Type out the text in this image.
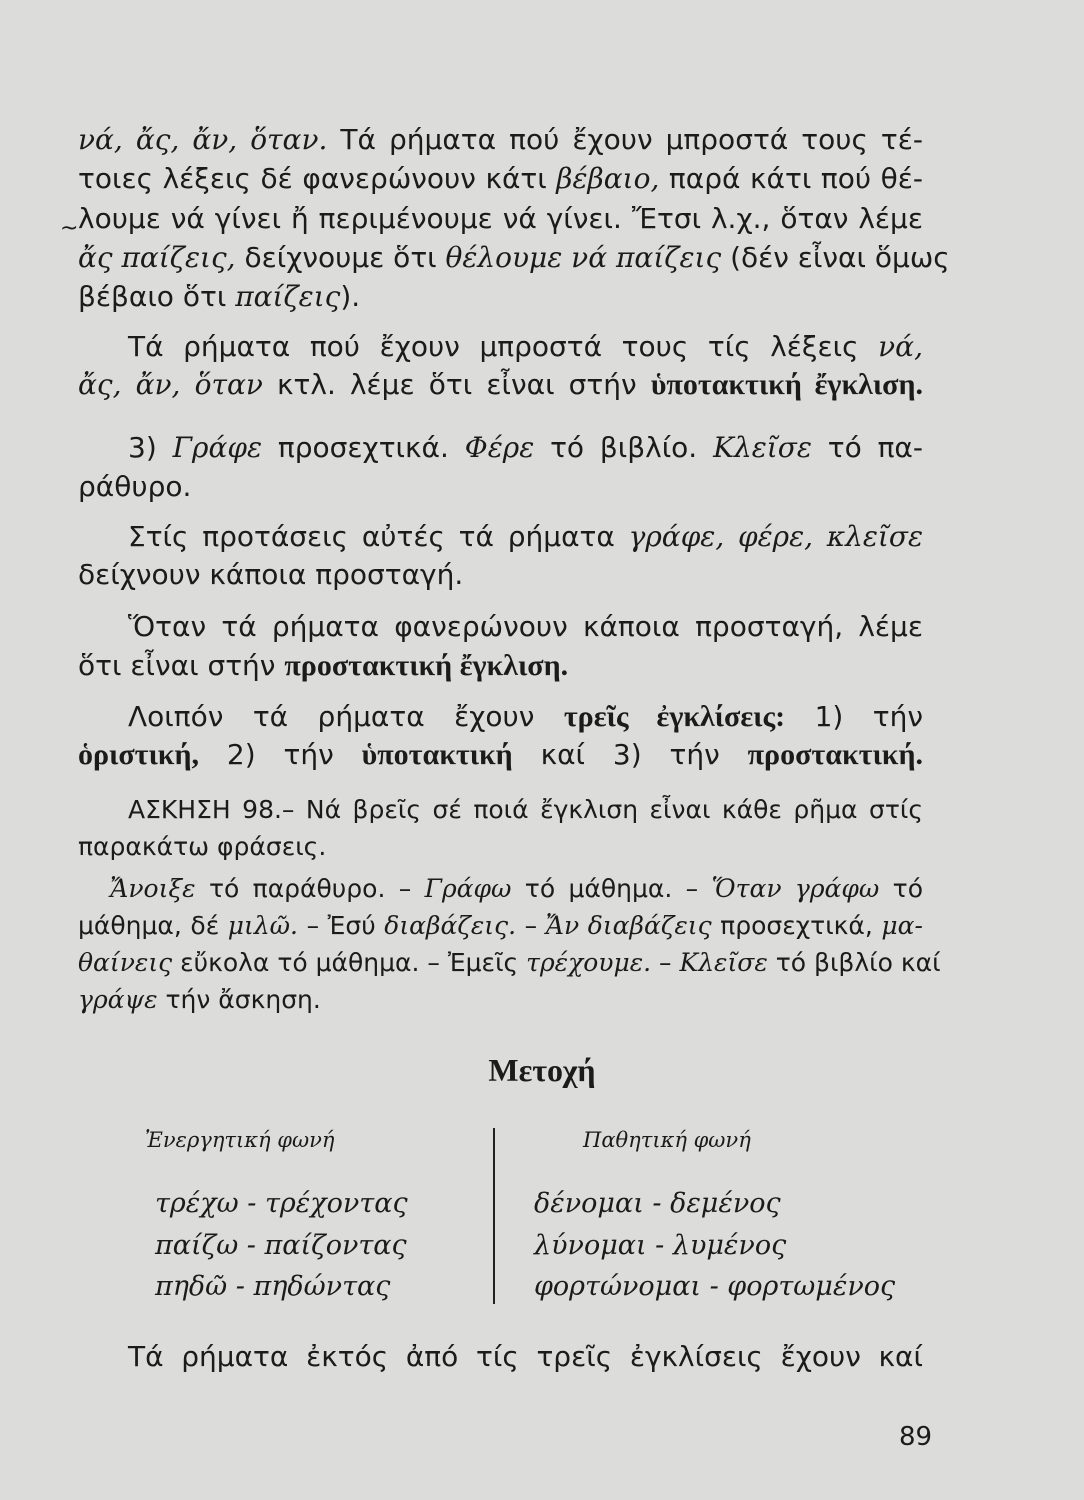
νά, ἄς, ἄν, ὅταν. Τά ρήματα πού ἔχουν μπροστά τους τέ-
τοιες λέξεις δέ φανερώνουν κάτι βέβαιο, παρά κάτι πού θέ-
λουμε νά γίνει ἤ περιμένουμε νά γίνει. Ἔτσι λ.χ., ὅταν λέμε
~
ἄς παίζεις, δείχνουμε ὅτι θέλουμε νά παίζεις (δέν εἶναι ὅμως
βέβαιο ὅτι παίζεις).
Τά ρήματα πού ἔχουν μπροστά τους τίς λέξεις νά,
ἄς, ἄν, ὅταν κτλ. λέμε ὅτι εἶναι στήν ὑποτακτική ἔγκλιση.
3) Γράφε προσεχτικά. Φέρε τό βιβλίο. Κλεῖσε τό πα-
ράθυρο.
Στίς προτάσεις αὐτές τά ρήματα γράφε, φέρε, κλεῖσε
δείχνουν κάποια προσταγή.
Ὅταν τά ρήματα φανερώνουν κάποια προσταγή, λέμε
ὅτι εἶναι στήν προστακτική ἔγκλιση.
Λοιπόν τά ρήματα ἔχουν τρεῖς ἐγκλίσεις: 1) τήν
ὁριστική, 2) τήν ὑποτακτική καί 3) τήν προστακτική.
ΑΣΚΗΣΗ 98.– Νά βρεῖς σέ ποιά ἔγκλιση εἶναι κάθε ρῆμα στίς
παρακάτω φράσεις.
Ἄνοιξε τό παράθυρο. – Γράφω τό μάθημα. – Ὅταν γράφω τό
μάθημα, δέ μιλῶ. – Ἐσύ διαβάζεις. – Ἄν διαβάζεις προσεχτικά, μα-
θαίνεις εὔκολα τό μάθημα. – Ἐμεῖς τρέχουμε. – Κλεῖσε τό βιβλίο καί
γράψε τήν ἄσκηση.
Μετοχή
Ἐνεργητική φωνή	Παθητική φωνή
τρέχω - τρέχοντας
παίζω - παίζοντας
πηδῶ - πηδώντας
δένομαι - δεμένος
λύνομαι - λυμένος
φορτώνομαι - φορτωμένος
Τά ρήματα ἐκτός ἀπό τίς τρεῖς ἐγκλίσεις ἔχουν καί
89
